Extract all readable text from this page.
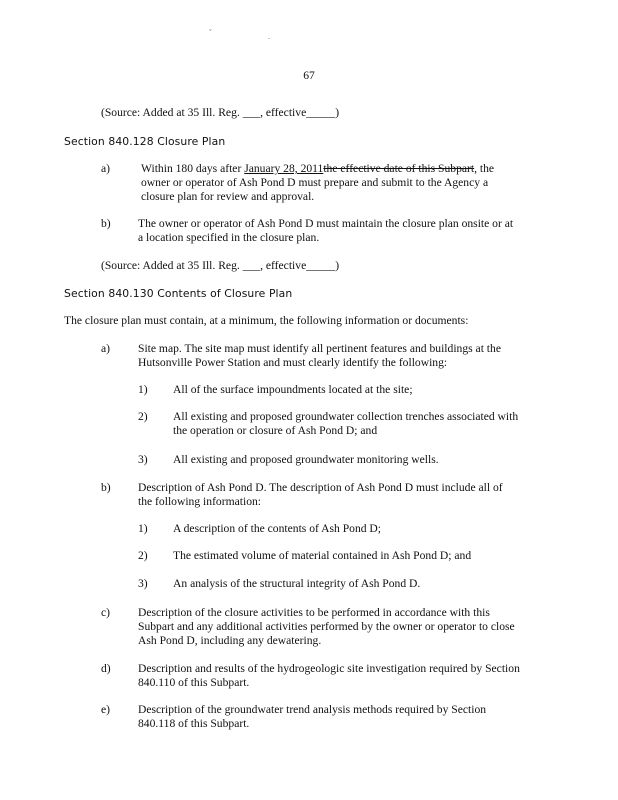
ˇ	.
67
(Source: Added at 35 Ill. Reg. ___, effective_____)
Section 840.128 Closure Plan
a)	Within 180 days after January 28, 2011the effective date of this Subpart, the
owner or operator of Ash Pond D must prepare and submit to the Agency a
closure plan for review and approval.
b) The owner or operator of Ash Pond D must maintain the closure plan onsite or at
a location specified in the closure plan.
(Source: Added at 35 Ill. Reg. ___, effective_____)
Section 840.130 Contents of Closure Plan
The closure plan must contain, at a minimum, the following information or documents:
a) Site map. The site map must identify all pertinent features and buildings at the
Hutsonville Power Station and must clearly identify the following:
1) All of the surface impoundments located at the site;
2) All existing and proposed groundwater collection trenches associated with
the operation or closure of Ash Pond D; and
3) All existing and proposed groundwater monitoring wells.
b) Description of Ash Pond D. The description of Ash Pond D must include all of
the following information:
1) A description of the contents of Ash Pond D;
2) The estimated volume of material contained in Ash Pond D; and
3) An analysis of the structural integrity of Ash Pond D.
c) Description of the closure activities to be performed in accordance with this
Subpart and any additional activities performed by the owner or operator to close
Ash Pond D, including any dewatering.
d) Description and results of the hydrogeologic site investigation required by Section
840.110 of this Subpart.
e) Description of the groundwater trend analysis methods required by Section
840.118 of this Subpart.
